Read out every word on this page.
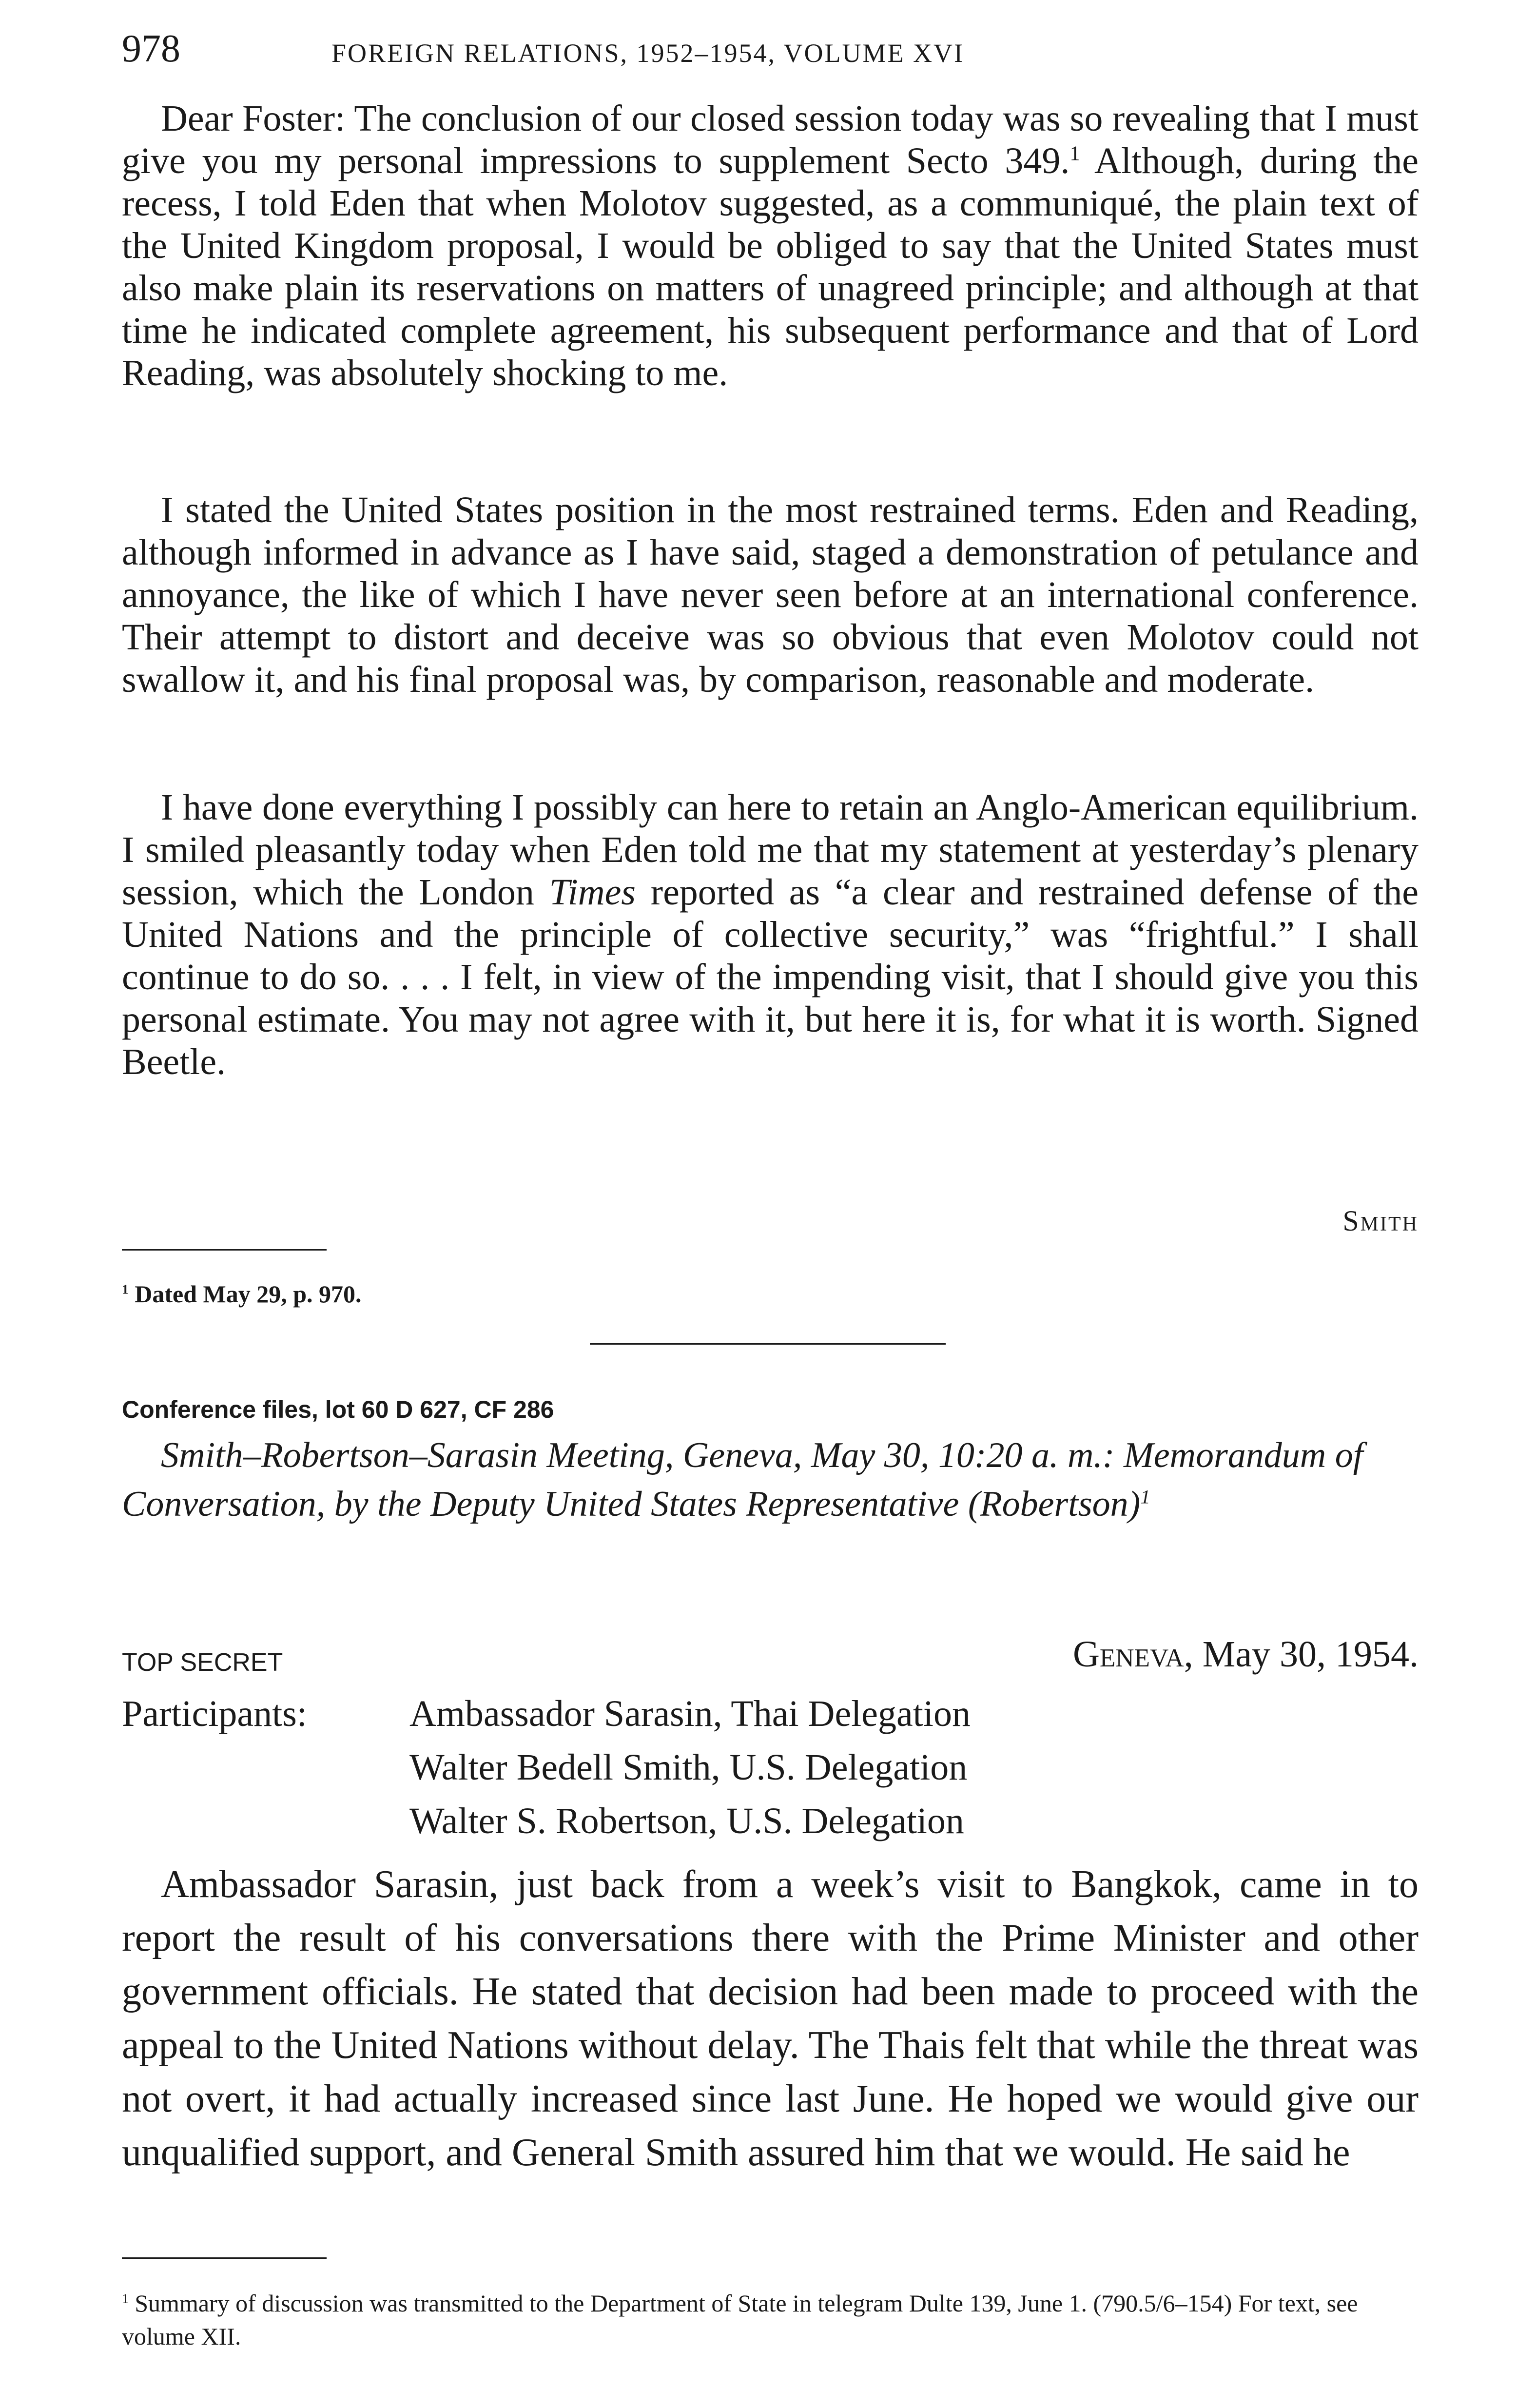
978	FOREIGN RELATIONS, 1952–1954, VOLUME XVI

Dear Foster: The conclusion of our closed session today was so revealing that I must give you my personal impressions to supplement Secto 349.$^1$ Although, during the recess, I told Eden that when Molotov suggested, as a communiqué, the plain text of the United Kingdom proposal, I would be obliged to say that the United States must also make plain its reservations on matters of unagreed principle; and although at that time he indicated complete agreement, his subsequent performance and that of Lord Reading, was absolutely shocking to me.

I stated the United States position in the most restrained terms. Eden and Reading, although informed in advance as I have said, staged a demonstration of petulance and annoyance, the like of which I have never seen before at an international conference. Their attempt to distort and deceive was so obvious that even Molotov could not swallow it, and his final proposal was, by comparison, reasonable and moderate.

I have done everything I possibly can here to retain an Anglo-American equilibrium. I smiled pleasantly today when Eden told me that my statement at yesterday’s plenary session, which the London Times reported as “a clear and restrained defense of the United Nations and the principle of collective security,” was “frightful.” I shall continue to do so. . . . I felt, in view of the impending visit, that I should give you this personal estimate. You may not agree with it, but here it is, for what it is worth. Signed Beetle.

Smith

$^1$ Dated May 29, p. 970.

Conference files, lot 60 D 627, CF 286

Smith–Robertson–Sarasin Meeting, Geneva, May 30, 10:20 a. m.: Memorandum of Conversation, by the Deputy United States Representative (Robertson)$^1$

TOP SECRET	Geneva, May 30, 1954.
Participants:	Ambassador Sarasin, Thai Delegation
Walter Bedell Smith, U.S. Delegation
Walter S. Robertson, U.S. Delegation

Ambassador Sarasin, just back from a week’s visit to Bangkok, came in to report the result of his conversations there with the Prime Minister and other government officials. He stated that decision had been made to proceed with the appeal to the United Nations without delay. The Thais felt that while the threat was not overt, it had actually increased since last June. He hoped we would give our unqualified support, and General Smith assured him that we would. He said he

$^1$ Summary of discussion was transmitted to the Department of State in telegram Dulte 139, June 1. (790.5/6–154) For text, see volume XII.
